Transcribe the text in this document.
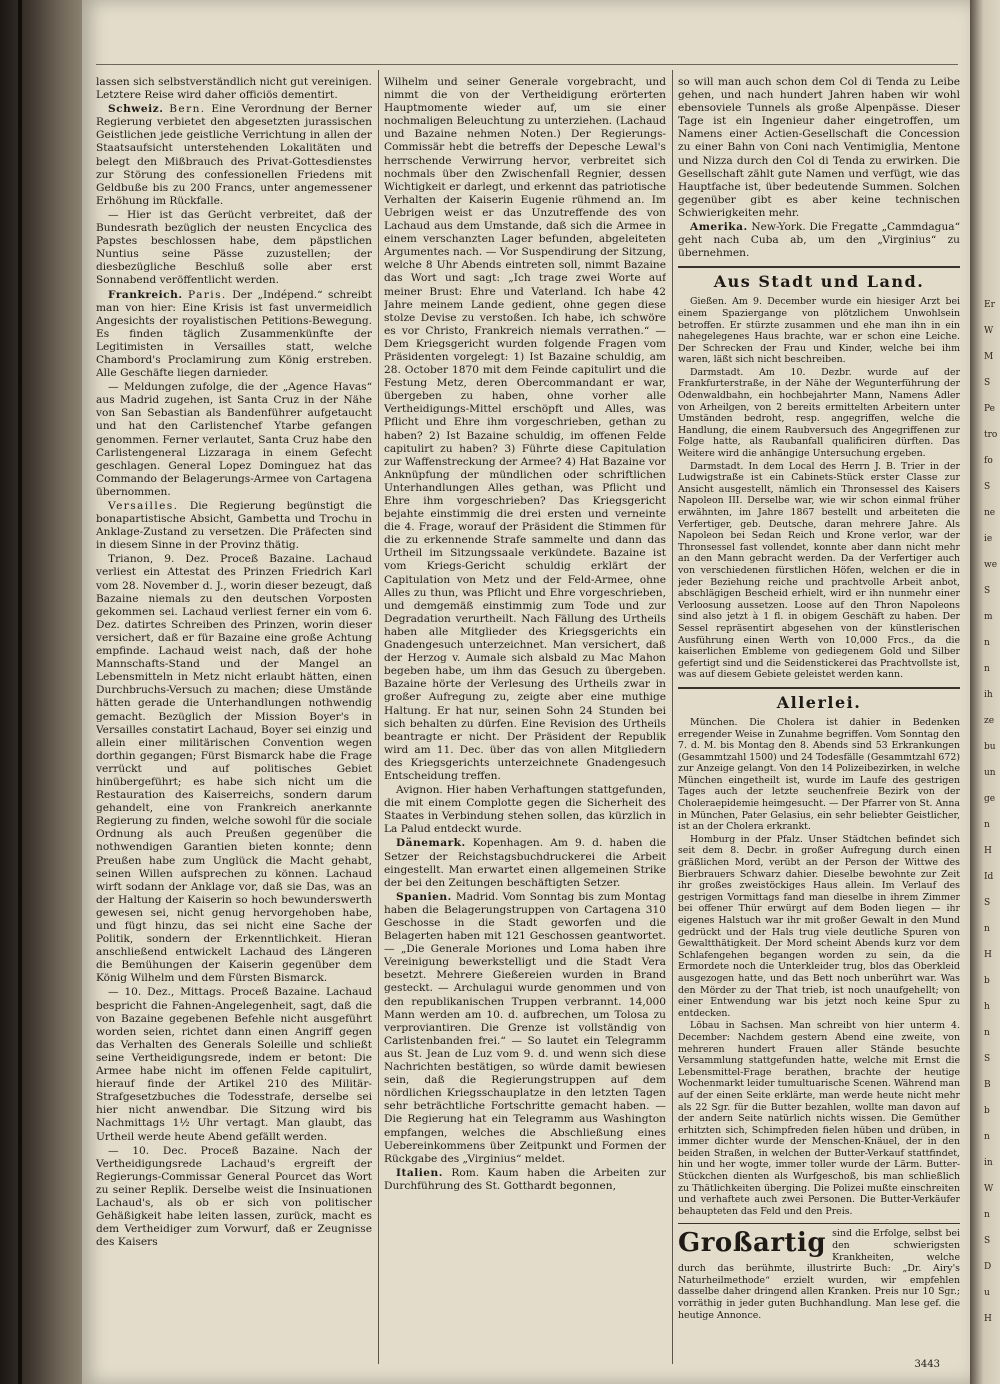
lassen sich selbstverständlich nicht gut vereinigen. Letztere Reise wird daher officiös dementirt.

Schweiz. Bern. Eine Verordnung der Berner Regierung verbietet den abgesetzten jurassischen Geistlichen jede geistliche Verrichtung in allen der Staatsaufsicht unterstehenden Lokalitäten und belegt den Mißbrauch des Privat-Gottesdienstes zur Störung des confessionellen Friedens mit Geldbuße bis zu 200 Francs, unter angemessener Erhöhung im Rückfalle.

— Hier ist das Gerücht verbreitet, daß der Bundesrath bezüglich der neusten Encyclica des Papstes beschlossen habe, dem päpstlichen Nuntius seine Pässe zuzustellen; der diesbezügliche Beschluß solle aber erst Sonnabend veröffentlicht werden.

Frankreich. Paris. Der „Indépend.“ schreibt man von hier: Eine Krisis ist fast unvermeidlich Angesichts der royalistischen Petitions-Bewegung. Es finden täglich Zusammenkünfte der Legitimisten in Versailles statt, welche Chambord's Proclamirung zum König erstreben. Alle Geschäfte liegen darnieder.

— Meldungen zufolge, die der „Agence Havas“ aus Madrid zugehen, ist Santa Cruz in der Nähe von San Sebastian als Bandenführer aufgetaucht und hat den Carlistenchef Ytarbe gefangen genommen. Ferner verlautet, Santa Cruz habe den Carlistengeneral Lizzaraga in einem Gefecht geschlagen. General Lopez Dominguez hat das Commando der Belagerungs-Armee von Cartagena übernommen.

Versailles. Die Regierung begünstigt die bonapartistische Absicht, Gambetta und Trochu in Anklage-Zustand zu versetzen. Die Präfecten sind in diesem Sinne in der Provinz thätig.

Trianon, 9. Dez. Proceß Bazaine. Lachaud verliest ein Attestat des Prinzen Friedrich Karl vom 28. November d. J., worin dieser bezeugt, daß Bazaine niemals zu den deutschen Vorposten gekommen sei. Lachaud verliest ferner ein vom 6. Dez. datirtes Schreiben des Prinzen, worin dieser versichert, daß er für Bazaine eine große Achtung empfinde. Lachaud weist nach, daß der hohe Mannschafts-Stand und der Mangel an Lebensmitteln in Metz nicht erlaubt hätten, einen Durchbruchs-Versuch zu machen; diese Umstände hätten gerade die Unterhandlungen nothwendig gemacht. Bezüglich der Mission Boyer's in Versailles constatirt Lachaud, Boyer sei einzig und allein einer militärischen Convention wegen dorthin gegangen; Fürst Bismarck habe die Frage verrückt und auf politisches Gebiet hinübergeführt; es habe sich nicht um die Restauration des Kaiserreichs, sondern darum gehandelt, eine von Frankreich anerkannte Regierung zu finden, welche sowohl für die sociale Ordnung als auch Preußen gegenüber die nothwendigen Garantien bieten konnte; denn Preußen habe zum Unglück die Macht gehabt, seinen Willen aufsprechen zu können. Lachaud wirft sodann der Anklage vor, daß sie Das, was an der Haltung der Kaiserin so hoch bewunderswerth gewesen sei, nicht genug hervorgehoben habe, und fügt hinzu, das sei nicht eine Sache der Politik, sondern der Erkenntlichkeit. Hieran anschließend entwickelt Lachaud des Längeren die Bemühungen der Kaiserin gegenüber dem König Wilhelm und dem Fürsten Bismarck.

— 10. Dez., Mittags. Proceß Bazaine. Lachaud bespricht die Fahnen-Angelegenheit, sagt, daß die von Bazaine gegebenen Befehle nicht ausgeführt worden seien, richtet dann einen Angriff gegen das Verhalten des Generals Soleille und schließt seine Vertheidigungsrede, indem er betont: Die Armee habe nicht im offenen Felde capitulirt, hierauf finde der Artikel 210 des Militär-Strafgesetzbuches die Todesstrafe, derselbe sei hier nicht anwendbar. Die Sitzung wird bis Nachmittags 1½ Uhr vertagt. Man glaubt, das Urtheil werde heute Abend gefällt werden.

— 10. Dec. Proceß Bazaine. Nach der Vertheidigungsrede Lachaud's ergreift der Regierungs-Commissar General Pourcet das Wort zu seiner Replik. Derselbe weist die Insinuationen Lachaud's, als ob er sich von politischer Gehäßigkeit habe leiten lassen, zurück, macht es dem Vertheidiger zum Vorwurf, daß er Zeugnisse des Kaisers

Wilhelm und seiner Generale vorgebracht, und nimmt die von der Vertheidigung erörterten Hauptmomente wieder auf, um sie einer nochmaligen Beleuchtung zu unterziehen. (Lachaud und Bazaine nehmen Noten.) Der Regierungs-Commissär hebt die betreffs der Depesche Lewal's herrschende Verwirrung hervor, verbreitet sich nochmals über den Zwischenfall Regnier, dessen Wichtigkeit er darlegt, und erkennt das patriotische Verhalten der Kaiserin Eugenie rühmend an. Im Uebrigen weist er das Unzutreffende des von Lachaud aus dem Umstande, daß sich die Armee in einem verschanzten Lager befunden, abgeleiteten Argumentes nach. — Vor Suspendirung der Sitzung, welche 8 Uhr Abends eintreten soll, nimmt Bazaine das Wort und sagt: „Ich trage zwei Worte auf meiner Brust: Ehre und Vaterland. Ich habe 42 Jahre meinem Lande gedient, ohne gegen diese stolze Devise zu verstoßen. Ich habe, ich schwöre es vor Christo, Frankreich niemals verrathen.“ — Dem Kriegsgericht wurden folgende Fragen vom Präsidenten vorgelegt: 1) Ist Bazaine schuldig, am 28. October 1870 mit dem Feinde capitulirt und die Festung Metz, deren Obercommandant er war, übergeben zu haben, ohne vorher alle Vertheidigungs-Mittel erschöpft und Alles, was Pflicht und Ehre ihm vorgeschrieben, gethan zu haben? 2) Ist Bazaine schuldig, im offenen Felde capitulirt zu haben? 3) Führte diese Capitulation zur Waffenstreckung der Armee? 4) Hat Bazaine vor Anknüpfung der mündlichen oder schriftlichen Unterhandlungen Alles gethan, was Pflicht und Ehre ihm vorgeschrieben? Das Kriegsgericht bejahte einstimmig die drei ersten und verneinte die 4. Frage, worauf der Präsident die Stimmen für die zu erkennende Strafe sammelte und dann das Urtheil im Sitzungssaale verkündete. Bazaine ist vom Kriegs-Gericht schuldig erklärt der Capitulation von Metz und der Feld-Armee, ohne Alles zu thun, was Pflicht und Ehre vorgeschrieben, und demgemäß einstimmig zum Tode und zur Degradation verurtheilt. Nach Fällung des Urtheils haben alle Mitglieder des Kriegsgerichts ein Gnadengesuch unterzeichnet. Man versichert, daß der Herzog v. Aumale sich alsbald zu Mac Mahon begeben habe, um ihm das Gesuch zu übergeben. Bazaine hörte der Verlesung des Urtheils zwar in großer Aufregung zu, zeigte aber eine muthige Haltung. Er hat nur, seinen Sohn 24 Stunden bei sich behalten zu dürfen. Eine Revision des Urtheils beantragte er nicht. Der Präsident der Republik wird am 11. Dec. über das von allen Mitgliedern des Kriegsgerichts unterzeichnete Gnadengesuch Entscheidung treffen.

Avignon. Hier haben Verhaftungen stattgefunden, die mit einem Complotte gegen die Sicherheit des Staates in Verbindung stehen sollen, das kürzlich in La Palud entdeckt wurde.

Dänemark. Kopenhagen. Am 9. d. haben die Setzer der Reichstagsbuchdruckerei die Arbeit eingestellt. Man erwartet einen allgemeinen Strike der bei den Zeitungen beschäftigten Setzer.

Spanien. Madrid. Vom Sonntag bis zum Montag haben die Belagerungstruppen von Cartagena 310 Geschosse in die Stadt geworfen und die Belagerten haben mit 121 Geschossen geantwortet. — „Die Generale Moriones und Loma haben ihre Vereinigung bewerkstelligt und die Stadt Vera besetzt. Mehrere Gießereien wurden in Brand gesteckt. — Archulagui wurde genommen und von den republikanischen Truppen verbrannt. 14,000 Mann werden am 10. d. aufbrechen, um Tolosa zu verproviantiren. Die Grenze ist vollständig von Carlistenbanden frei.“ — So lautet ein Telegramm aus St. Jean de Luz vom 9. d. und wenn sich diese Nachrichten bestätigen, so würde damit bewiesen sein, daß die Regierungstruppen auf dem nördlichen Kriegsschauplatze in den letzten Tagen sehr beträchtliche Fortschritte gemacht haben. — Die Regierung hat ein Telegramm aus Washington empfangen, welches die Abschließung eines Uebereinkommens über Zeitpunkt und Formen der Rückgabe des „Virginius“ meldet.

Italien. Rom. Kaum haben die Arbeiten zur Durchführung des St. Gotthardt begonnen,

so will man auch schon dem Col di Tenda zu Leibe gehen, und nach hundert Jahren haben wir wohl ebensoviele Tunnels als große Alpenpässe. Dieser Tage ist ein Ingenieur daher eingetroffen, um Namens einer Actien-Gesellschaft die Concession zu einer Bahn von Coni nach Ventimiglia, Mentone und Nizza durch den Col di Tenda zu erwirken. Die Gesellschaft zählt gute Namen und verfügt, wie das Hauptfache ist, über bedeutende Summen. Solchen gegenüber gibt es aber keine technischen Schwierigkeiten mehr.

Amerika. New-York. Die Fregatte „Cammdagua“ geht nach Cuba ab, um den „Virginius“ zu übernehmen.

Aus Stadt und Land.

Gießen. Am 9. December wurde ein hiesiger Arzt bei einem Spaziergange von plötzlichem Unwohlsein betroffen. Er stürzte zusammen und ehe man ihn in ein nahegelegenes Haus brachte, war er schon eine Leiche. Der Schrecken der Frau und Kinder, welche bei ihm waren, läßt sich nicht beschreiben.

Darmstadt. Am 10. Dezbr. wurde auf der Frankfurterstraße, in der Nähe der Wegunterführung der Odenwaldbahn, ein hochbejahrter Mann, Namens Adler von Arheilgen, von 2 bereits ermittelten Arbeitern unter Umständen bedroht, resp. angegriffen, welche die Handlung, die einem Raubversuch des Angegriffenen zur Folge hatte, als Raubanfall qualificiren dürften. Das Weitere wird die anhängige Untersuchung ergeben.

Darmstadt. In dem Local des Herrn J. B. Trier in der Ludwigstraße ist ein Cabinets-Stück erster Classe zur Ansicht ausgestellt, nämlich ein Thronsessel des Kaisers Napoleon III. Derselbe war, wie wir schon einmal früher erwähnten, im Jahre 1867 bestellt und arbeiteten die Verfertiger, geb. Deutsche, daran mehrere Jahre. Als Napoleon bei Sedan Reich und Krone verlor, war der Thronsessel fast vollendet, konnte aber dann nicht mehr an den Mann gebracht werden. Da der Verfertiger auch von verschiedenen fürstlichen Höfen, welchen er die in jeder Beziehung reiche und prachtvolle Arbeit anbot, abschlägigen Bescheid erhielt, wird er ihn nunmehr einer Verloosung aussetzen. Loose auf den Thron Napoleons sind also jetzt à 1 fl. in obigem Geschäft zu haben. Der Sessel repräsentirt abgesehen von der künstlerischen Ausführung einen Werth von 10,000 Frcs., da die kaiserlichen Embleme von gediegenem Gold und Silber gefertigt sind und die Seidenstickerei das Prachtvollste ist, was auf diesem Gebiete geleistet werden kann.

Allerlei.

München. Die Cholera ist dahier in Bedenken erregender Weise in Zunahme begriffen. Vom Sonntag den 7. d. M. bis Montag den 8. Abends sind 53 Erkrankungen (Gesammtzahl 1500) und 24 Todesfälle (Gesammtzahl 672) zur Anzeige gelangt. Von den 14 Polizeibezirken, in welche München eingetheilt ist, wurde im Laufe des gestrigen Tages auch der letzte seuchenfreie Bezirk von der Choleraepidemie heimgesucht. — Der Pfarrer von St. Anna in München, Pater Gelasius, ein sehr beliebter Geistlicher, ist an der Cholera erkrankt.

Homburg in der Pfalz. Unser Städtchen befindet sich seit dem 8. Decbr. in großer Aufregung durch einen gräßlichen Mord, verübt an der Person der Wittwe des Bierbrauers Schwarz dahier. Dieselbe bewohnte zur Zeit ihr großes zweistöckiges Haus allein. Im Verlauf des gestrigen Vormittags fand man dieselbe in ihrem Zimmer bei offener Thür erwürgt auf dem Boden liegen — ihr eigenes Halstuch war ihr mit großer Gewalt in den Mund gedrückt und der Hals trug viele deutliche Spuren von Gewaltthätigkeit. Der Mord scheint Abends kurz vor dem Schlafengehen begangen worden zu sein, da die Ermordete noch die Unterkleider trug, blos das Oberkleid ausgezogen hatte, und das Bett noch unberührt war. Was den Mörder zu der That trieb, ist noch unaufgehellt; von einer Entwendung war bis jetzt noch keine Spur zu entdecken.

Löbau in Sachsen. Man schreibt von hier unterm 4. December: Nachdem gestern Abend eine zweite, von mehreren hundert Frauen aller Stände besuchte Versammlung stattgefunden hatte, welche mit Ernst die Lebensmittel-Frage berathen, brachte der heutige Wochenmarkt leider tumultuarische Scenen. Während man auf der einen Seite erklärte, man werde heute nicht mehr als 22 Sgr. für die Butter bezahlen, wollte man davon auf der andern Seite natürlich nichts wissen. Die Gemüther erhitzten sich, Schimpfreden fielen hüben und drüben, in immer dichter wurde der Menschen-Knäuel, der in den beiden Straßen, in welchen der Butter-Verkauf stattfindet, hin und her wogte, immer toller wurde der Lärm. Butter-Stückchen dienten als Wurfgeschoß, bis man schließlich zu Thätlichkeiten überging. Die Polizei mußte einschreiten und verhaftete auch zwei Personen. Die Butter-Verkäufer behaupteten das Feld und den Preis.

Großartig sind die Erfolge, selbst bei den schwierigsten Krankheiten, welche durch das berühmte, illustrirte Buch: „Dr. Airy's Naturheilmethode“ erzielt wurden, wir empfehlen dasselbe daher dringend allen Kranken. Preis nur 10 Sgr.; vorräthig in jeder guten Buchhandlung. Man lese gef. die heutige Annonce.
3443
Er
W
M
S
Pe
tro
fo
S
ne
ie
we
S
m
n
n
ih
ze
bu
un
ge
n
H
Id
S
n
H
b
h
n
S
B
b
n
in
W
n
S
D
u
H
